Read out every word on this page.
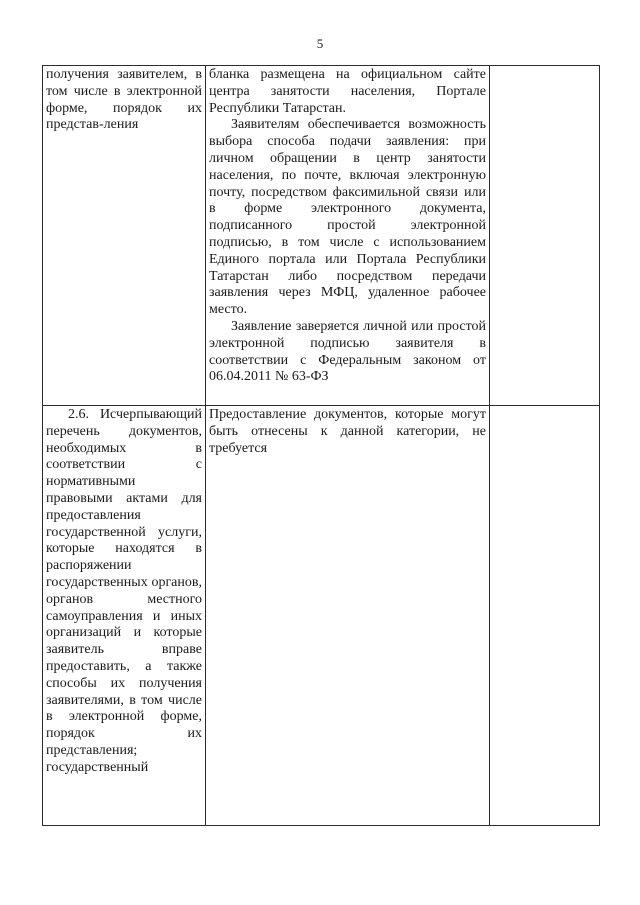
5

получения заявителем, в том числе в электронной форме, порядок их представ-ления	бланка размещена на официальном сайте центра занятости населения, Портале Республики Татарстан.

Заявителям обеспечивается возможность выбора способа подачи заявления: при личном обращении в центр занятости населения, по почте, включая электронную почту, посредством факсимильной связи или в форме электронного документа, подписанного простой электронной подписью, в том числе с использованием Единого портала или Портала Республики Татарстан либо посредством передачи заявления через МФЦ, удаленное рабочее место.

Заявление заверяется личной или простой электронной подписью заявителя в соответствии с Федеральным законом от 06.04.2011 № 63-ФЗ	

2.6. Исчерпывающий перечень документов, необходимых в соответствии с нормативными правовыми актами для предоставления государственной услуги, которые находятся в распоряжении государственных органов, органов местного самоуправления и иных организаций и которые заявитель вправе предоставить, а также способы их получения заявителями, в том числе в электронной форме, порядок их представления; государственный	Предоставление документов, которые могут быть отнесены к данной категории, не требуется	
